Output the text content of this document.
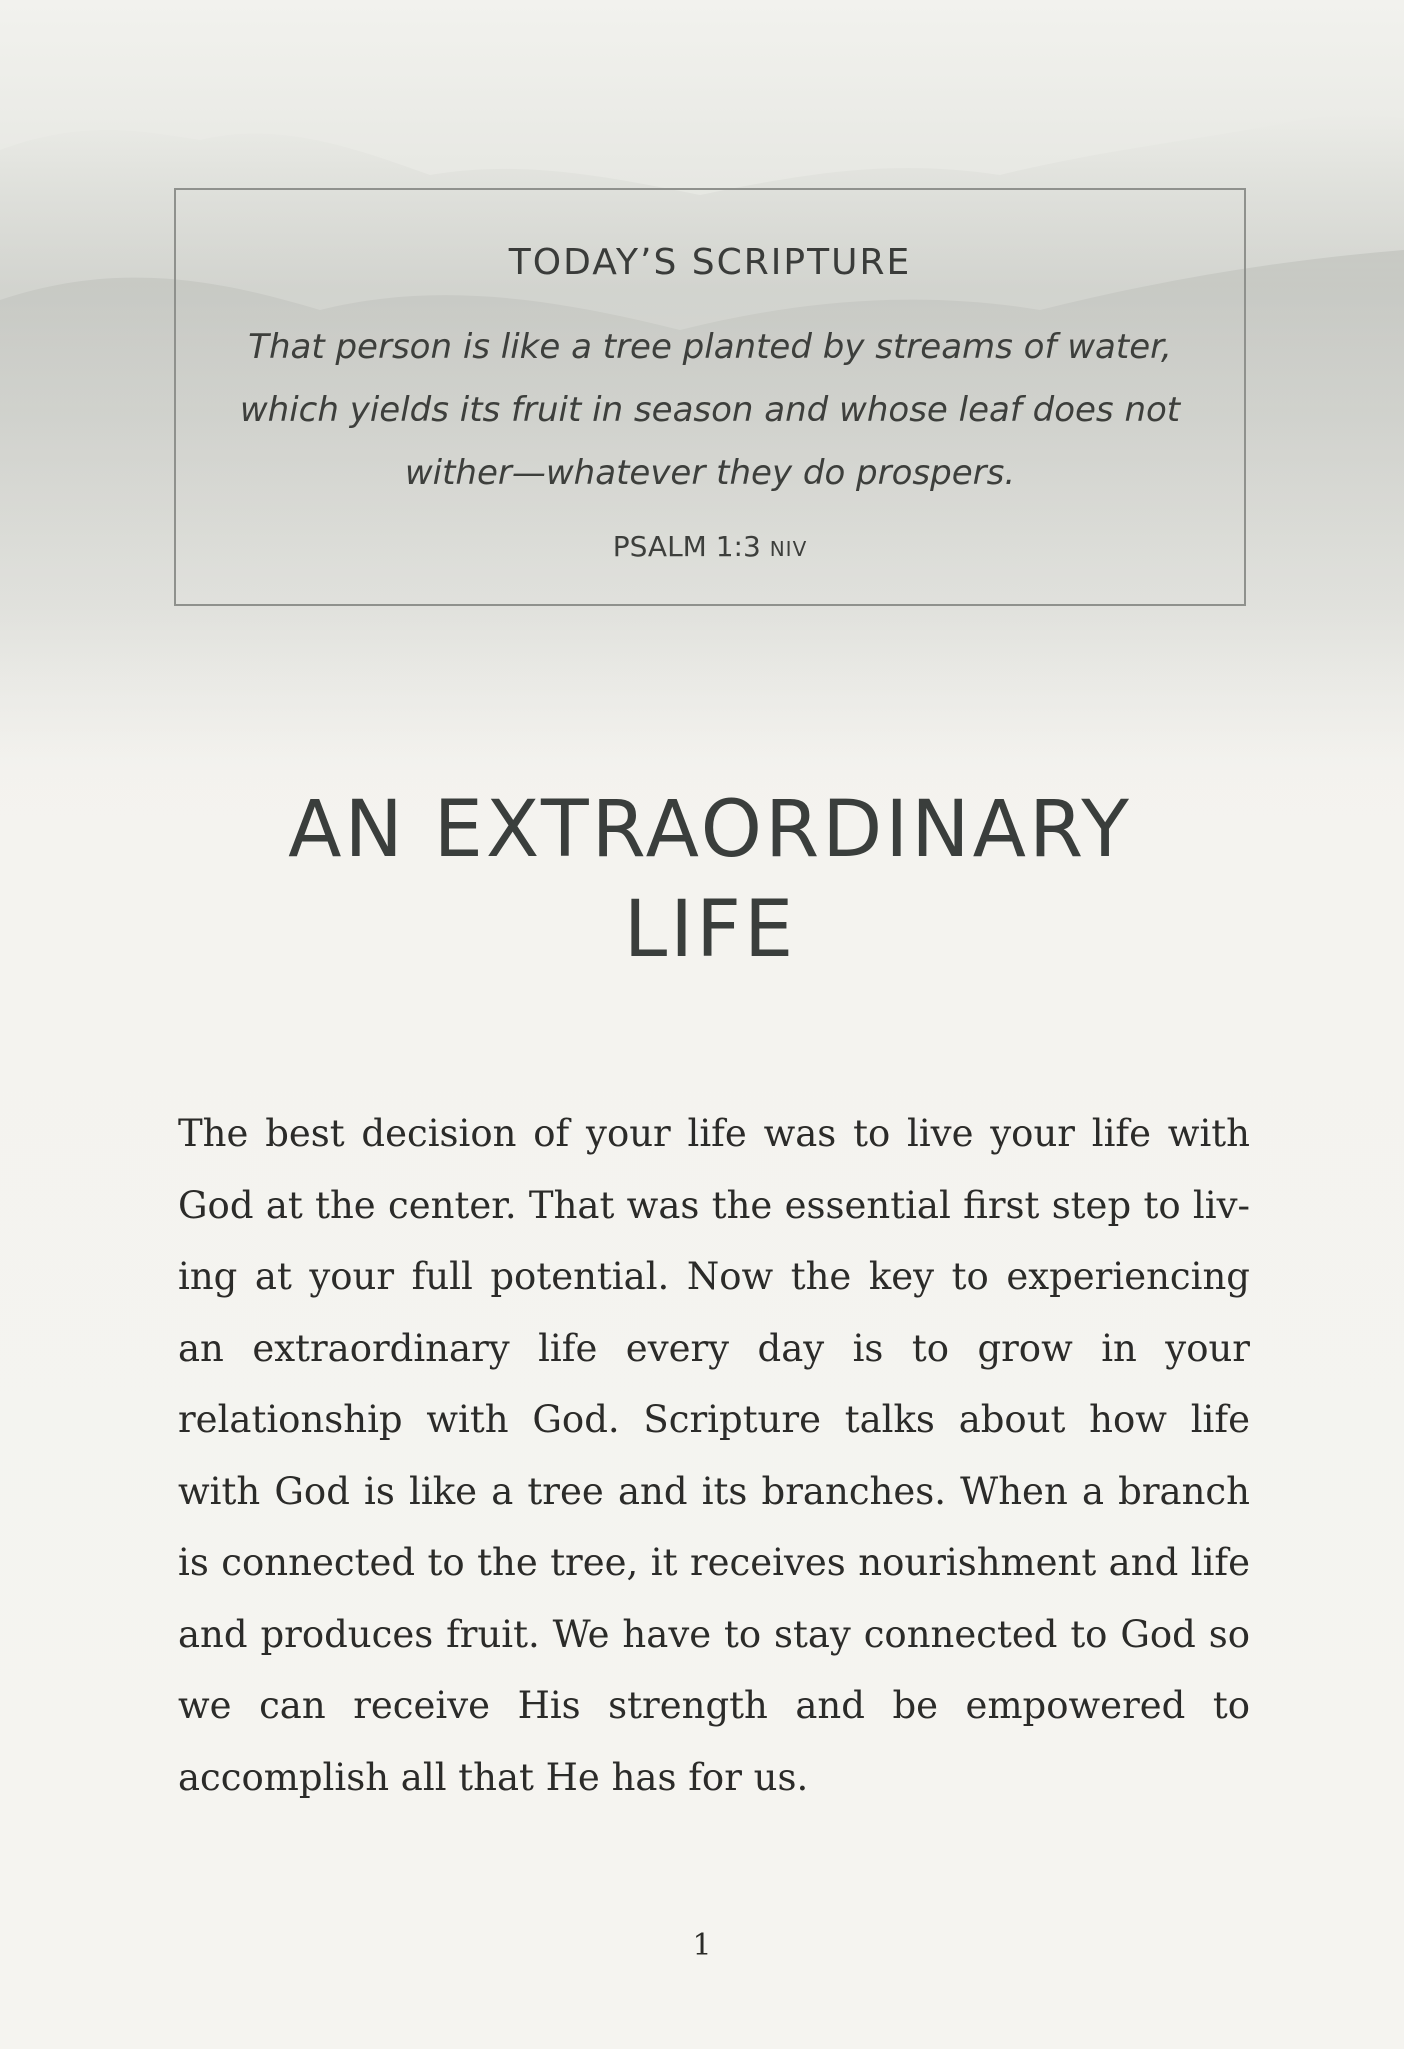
TODAY’S SCRIPTURE
That person is like a tree planted by streams of water, which yields its fruit in season and whose leaf does not wither—whatever they do prospers.
PSALM 1:3 NIV
AN EXTRAORDINARY
LIFE

The best decision of your life was to live your life with God at the center. That was the essential first step to living at your full potential. Now the key to experiencing an extraordinary life every day is to grow in your relationship with God. Scripture talks about how life with God is like a tree and its branches. When a branch is connected to the tree, it receives nourishment and life and produces fruit. We have to stay connected to God so we can receive His strength and be empowered to accomplish all that He has for us.

1
